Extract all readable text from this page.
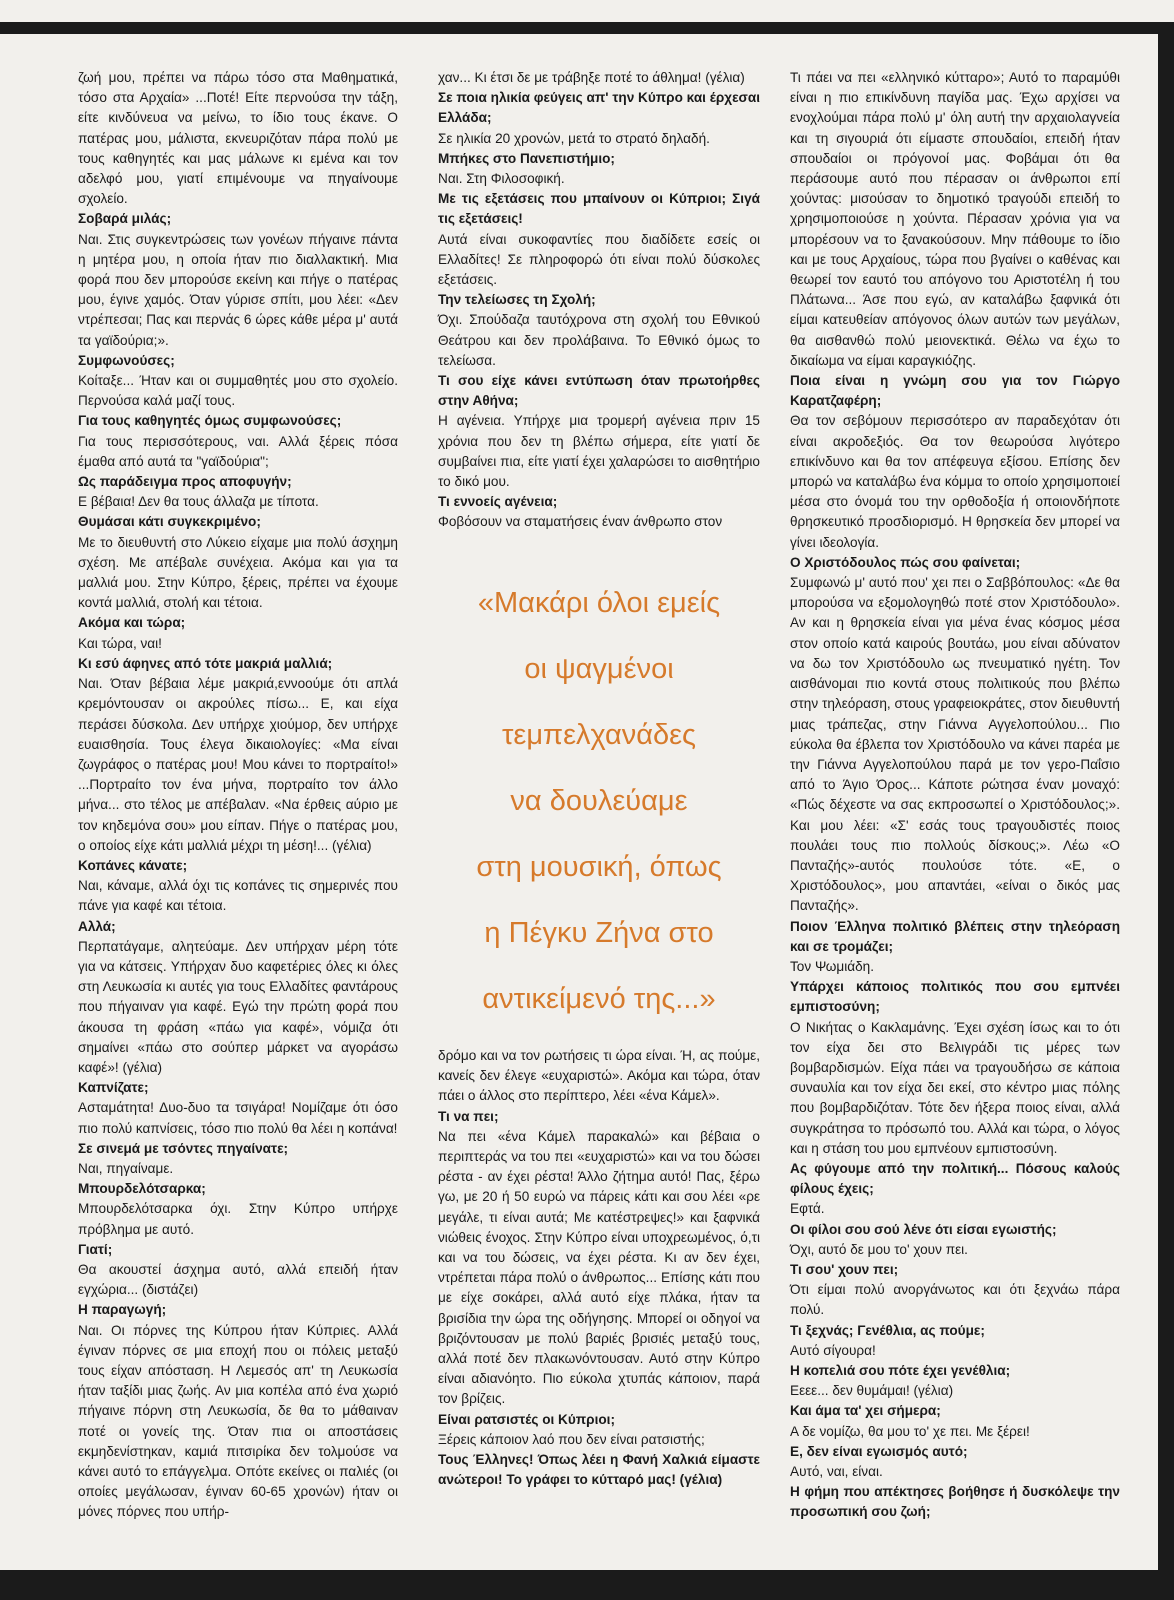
ζωή μου, πρέπει να πάρω τόσο στα Μαθηματικά, τόσο στα Αρχαία» ...Ποτέ! Είτε περνούσα την τάξη, είτε κινδύνευα να μείνω, το ίδιο τους έκανε. Ο πατέρας μου, μάλιστα, εκνευριζόταν πάρα πολύ με τους καθηγητές και μας μάλωνε κι εμένα και τον αδελφό μου, γιατί επιμένουμε να πηγαίνουμε σχολείο.

Σοβαρά μιλάς;

Ναι. Στις συγκεντρώσεις των γονέων πήγαινε πάντα η μητέρα μου, η οποία ήταν πιο διαλλακτική. Μια φορά που δεν μπορούσε εκείνη και πήγε ο πατέρας μου, έγινε χαμός. Όταν γύρισε σπίτι, μου λέει: «Δεν ντρέπεσαι; Πας και περνάς 6 ώρες κάθε μέρα μ' αυτά τα γαϊδούρια;».

Συμφωνούσες;

Κοίταξε... Ήταν και οι συμμαθητές μου στο σχολείο. Περνούσα καλά μαζί τους.

Για τους καθηγητές όμως συμφωνούσες;

Για τους περισσότερους, ναι. Αλλά ξέρεις πόσα έμαθα από αυτά τα "γαϊδούρια";

Ως παράδειγμα προς αποφυγήν;

Ε βέβαια! Δεν θα τους άλλαζα με τίποτα.

Θυμάσαι κάτι συγκεκριμένο;

Με το διευθυντή στο Λύκειο είχαμε μια πολύ άσχημη σχέση. Με απέβαλε συνέχεια. Ακόμα και για τα μαλλιά μου. Στην Κύπρο, ξέρεις, πρέπει να έχουμε κοντά μαλλιά, στολή και τέτοια.

Ακόμα και τώρα;

Και τώρα, ναι!

Κι εσύ άφηνες από τότε μακριά μαλλιά;

Ναι. Όταν βέβαια λέμε μακριά,εννοούμε ότι απλά κρεμόντουσαν οι ακρούλες πίσω... Ε, και είχα περάσει δύσκολα. Δεν υπήρχε χιούμορ, δεν υπήρχε ευαισθησία. Τους έλεγα δικαιολογίες: «Μα είναι ζωγράφος ο πατέρας μου! Μου κάνει το πορτραίτο!» ...Πορτραίτο τον ένα μήνα, πορτραίτο τον άλλο μήνα... στο τέλος με απέβαλαν. «Να έρθεις αύριο με τον κηδεμόνα σου» μου είπαν. Πήγε ο πατέρας μου, ο οποίος είχε κάτι μαλλιά μέχρι τη μέση!... (γέλια)

Κοπάνες κάνατε;

Ναι, κάναμε, αλλά όχι τις κοπάνες τις σημερινές που πάνε για καφέ και τέτοια.

Αλλά;

Περπατάγαμε, αλητεύαμε. Δεν υπήρχαν μέρη τότε για να κάτσεις. Υπήρχαν δυο καφετέριες όλες κι όλες στη Λευκωσία κι αυτές για τους Ελλαδίτες φαντάρους που πήγαιναν για καφέ. Εγώ την πρώτη φορά που άκουσα τη φράση «πάω για καφέ», νόμιζα ότι σημαίνει «πάω στο σούπερ μάρκετ να αγοράσω καφέ»! (γέλια)

Καπνίζατε;

Ασταμάτητα! Δυο-δυο τα τσιγάρα! Νομίζαμε ότι όσο πιο πολύ καπνίσεις, τόσο πιο πολύ θα λέει η κοπάνα!

Σε σινεμά με τσόντες πηγαίνατε;

Ναι, πηγαίναμε.

Μπουρδελότσαρκα;

Μπουρδελότσαρκα όχι. Στην Κύπρο υπήρχε πρόβλημα με αυτό.

Γιατί;

Θα ακουστεί άσχημα αυτό, αλλά επειδή ήταν εγχώρια... (διστάζει)

Η παραγωγή;

Ναι. Οι πόρνες της Κύπρου ήταν Κύπριες. Αλλά έγιναν πόρνες σε μια εποχή που οι πόλεις μεταξύ τους είχαν απόσταση. Η Λεμεσός απ' τη Λευκωσία ήταν ταξίδι μιας ζωής. Αν μια κοπέλα από ένα χωριό πήγαινε πόρνη στη Λευκωσία, δε θα το μάθαιναν ποτέ οι γονείς της. Όταν πια οι αποστάσεις εκμηδενίστηκαν, καμιά πιτσιρίκα δεν τολμούσε να κάνει αυτό το επάγγελμα. Οπότε εκείνες οι παλιές (οι οποίες μεγάλωσαν, έγιναν 60-65 χρονών) ήταν οι μόνες πόρνες που υπήρ-

χαν... Κι έτσι δε με τράβηξε ποτέ το άθλημα! (γέλια)

Σε ποια ηλικία φεύγεις απ' την Κύπρο και έρχεσαι Ελλάδα;

Σε ηλικία 20 χρονών, μετά το στρατό δηλαδή.

Μπήκες στο Πανεπιστήμιο;

Ναι. Στη Φιλοσοφική.

Με τις εξετάσεις που μπαίνουν οι Κύπριοι; Σιγά τις εξετάσεις!

Αυτά είναι συκοφαντίες που διαδίδετε εσείς οι Ελλαδίτες! Σε πληροφορώ ότι είναι πολύ δύσκολες εξετάσεις.

Την τελείωσες τη Σχολή;

Όχι. Σπούδαζα ταυτόχρονα στη σχολή του Εθνικού Θεάτρου και δεν προλάβαινα. Το Εθνικό όμως το τελείωσα.

Τι σου είχε κάνει εντύπωση όταν πρωτοήρθες στην Αθήνα;

Η αγένεια. Υπήρχε μια τρομερή αγένεια πριν 15 χρόνια που δεν τη βλέπω σήμερα, είτε γιατί δε συμβαίνει πια, είτε γιατί έχει χαλαρώσει το αισθητήριο το δικό μου.

Τι εννοείς αγένεια;

Φοβόσουν να σταματήσεις έναν άνθρωπο στον

δρόμο και να τον ρωτήσεις τι ώρα είναι. Ή, ας πούμε, κανείς δεν έλεγε «ευχαριστώ». Ακόμα και τώρα, όταν πάει ο άλλος στο περίπτερο, λέει «ένα Κάμελ».

Τι να πει;

Να πει «ένα Κάμελ παρακαλώ» και βέβαια ο περιπτεράς να του πει «ευχαριστώ» και να του δώσει ρέστα - αν έχει ρέστα! Άλλο ζήτημα αυτό! Πας, ξέρω γω, με 20 ή 50 ευρώ να πάρεις κάτι και σου λέει «ρε μεγάλε, τι είναι αυτά; Με κατέστρεψες!» και ξαφνικά νιώθεις ένοχος. Στην Κύπρο είναι υποχρεωμένος, ό,τι και να του δώσεις, να έχει ρέστα. Κι αν δεν έχει, ντρέπεται πάρα πολύ ο άνθρωπος... Επίσης κάτι που με είχε σοκάρει, αλλά αυτό είχε πλάκα, ήταν τα βρισίδια την ώρα της οδήγησης. Μπορεί οι οδηγοί να βριζόντουσαν με πολύ βαριές βρισιές μεταξύ τους, αλλά ποτέ δεν πλακωνόντουσαν. Αυτό στην Κύπρο είναι αδιανόητο. Πιο εύκολα χτυπάς κάποιον, παρά τον βρίζεις.

Είναι ρατσιστές οι Κύπριοι;

Ξέρεις κάποιον λαό που δεν είναι ρατσιστής;

Τους Έλληνες! Όπως λέει η Φανή Χαλκιά είμαστε ανώτεροι! Το γράφει το κύτταρό μας! (γέλια)

Τι πάει να πει «ελληνικό κύτταρο»; Αυτό το παραμύθι είναι η πιο επικίνδυνη παγίδα μας. Έχω αρχίσει να ενοχλούμαι πάρα πολύ μ' όλη αυτή την αρχαιολαγνεία και τη σιγουριά ότι είμαστε σπουδαίοι, επειδή ήταν σπουδαίοι οι πρόγονοί μας. Φοβάμαι ότι θα περάσουμε αυτό που πέρασαν οι άνθρωποι επί χούντας: μισούσαν το δημοτικό τραγούδι επειδή το χρησιμοποιούσε η χούντα. Πέρασαν χρόνια για να μπορέσουν να το ξανακούσουν. Μην πάθουμε το ίδιο και με τους Αρχαίους, τώρα που βγαίνει ο καθένας και θεωρεί τον εαυτό του απόγονο του Αριστοτέλη ή του Πλάτωνα... Άσε που εγώ, αν καταλάβω ξαφνικά ότι είμαι κατευθείαν απόγονος όλων αυτών των μεγάλων, θα αισθανθώ πολύ μειονεκτικά. Θέλω να έχω το δικαίωμα να είμαι καραγκιόζης.

Ποια είναι η γνώμη σου για τον Γιώργο Καρατζαφέρη;

Θα τον σεβόμουν περισσότερο αν παραδεχόταν ότι είναι ακροδεξιός. Θα τον θεωρούσα λιγότερο επικίνδυνο και θα τον απέφευγα εξίσου. Επίσης δεν μπορώ να καταλάβω ένα κόμμα το οποίο χρησιμοποιεί μέσα στο όνομά του την ορθοδοξία ή οποιονδήποτε θρησκευτικό προσδιορισμό. Η θρησκεία δεν μπορεί να γίνει ιδεολογία.

Ο Χριστόδουλος πώς σου φαίνεται;

Συμφωνώ μ' αυτό που' χει πει ο Σαββόπουλος: «Δε θα μπορούσα να εξομολογηθώ ποτέ στον Χριστόδουλο». Αν και η θρησκεία είναι για μένα ένας κόσμος μέσα στον οποίο κατά καιρούς βουτάω, μου είναι αδύνατον να δω τον Χριστόδουλο ως πνευματικό ηγέτη. Τον αισθάνομαι πιο κοντά στους πολιτικούς που βλέπω στην τηλεόραση, στους γραφειοκράτες, στον διευθυντή μιας τράπεζας, στην Γιάννα Αγγελοπούλου... Πιο εύκολα θα έβλεπα τον Χριστόδουλο να κάνει παρέα με την Γιάννα Αγγελοπούλου παρά με τον γερο-Παΐσιο από το Άγιο Όρος... Κάποτε ρώτησα έναν μοναχό: «Πώς δέχεστε να σας εκπροσωπεί ο Χριστόδουλος;». Και μου λέει: «Σ' εσάς τους τραγουδιστές ποιος πουλάει τους πιο πολλούς δίσκους;». Λέω «Ο Πανταζής»-αυτός πουλούσε τότε. «Ε, ο Χριστόδουλος», μου απαντάει, «είναι ο δικός μας Πανταζής».

Ποιον Έλληνα πολιτικό βλέπεις στην τηλεόραση και σε τρομάζει;

Τον Ψωμιάδη.

Υπάρχει κάποιος πολιτικός που σου εμπνέει εμπιστοσύνη;

Ο Νικήτας ο Κακλαμάνης. Έχει σχέση ίσως και το ότι τον είχα δει στο Βελιγράδι τις μέρες των βομβαρδισμών. Είχα πάει να τραγουδήσω σε κάποια συναυλία και τον είχα δει εκεί, στο κέντρο μιας πόλης που βομβαρδιζόταν. Τότε δεν ήξερα ποιος είναι, αλλά συγκράτησα το πρόσωπό του. Αλλά και τώρα, ο λόγος και η στάση του μου εμπνέουν εμπιστοσύνη.

Ας φύγουμε από την πολιτική... Πόσους καλούς φίλους έχεις;

Εφτά.

Οι φίλοι σου σού λένε ότι είσαι εγωιστής;

Όχι, αυτό δε μου το' χουν πει.

Τι σου' χουν πει;

Ότι είμαι πολύ ανοργάνωτος και ότι ξεχνάω πάρα πολύ.

Τι ξεχνάς; Γενέθλια, ας πούμε;

Αυτό σίγουρα!

Η κοπελιά σου πότε έχει γενέθλια;

Εεεε... δεν θυμάμαι! (γέλια)

Και άμα τα' χει σήμερα;

Α δε νομίζω, θα μου το' χε πει. Με ξέρει!

Ε, δεν είναι εγωισμός αυτό;

Αυτό, ναι, είναι.

Η φήμη που απέκτησες βοήθησε ή δυσκόλεψε την προσωπική σου ζωή;

«Μακάρι όλοι εμείς
οι ψαγμένοι
τεμπελχανάδες
να δουλεύαμε
στη μουσική, όπως
η Πέγκυ Ζήνα στο
αντικείμενό της...»
